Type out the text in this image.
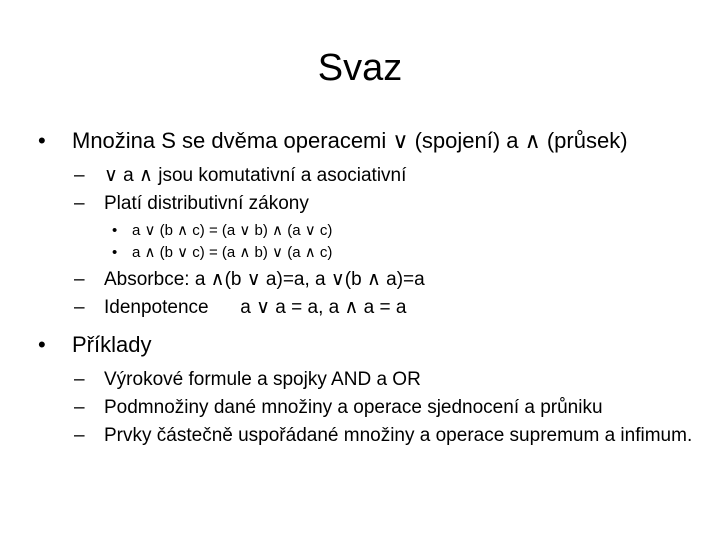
Svaz
•	Množina S se dvěma operacemi ∨ (spojení) a ∧ (průsek)
– ∨ a ∧ jsou komutativní a asociativní
– Platí distributivní zákony
• a ∨ (b ∧ c) = (a ∨ b) ∧ (a ∨ c)
• a ∧ (b ∨ c) = (a ∧ b) ∨ (a ∧ c)
– Absorbce: a ∧(b ∨ a)=a, a ∨(b ∧ a)=a
– Idenpotence      a ∨ a = a, a ∧ a = a
•	Příklady
– Výrokové formule a spojky AND a OR
– Podmnožiny dané množiny a operace sjednocení a průniku
– Prvky částečně uspořádané množiny a operace supremum a infimum.
